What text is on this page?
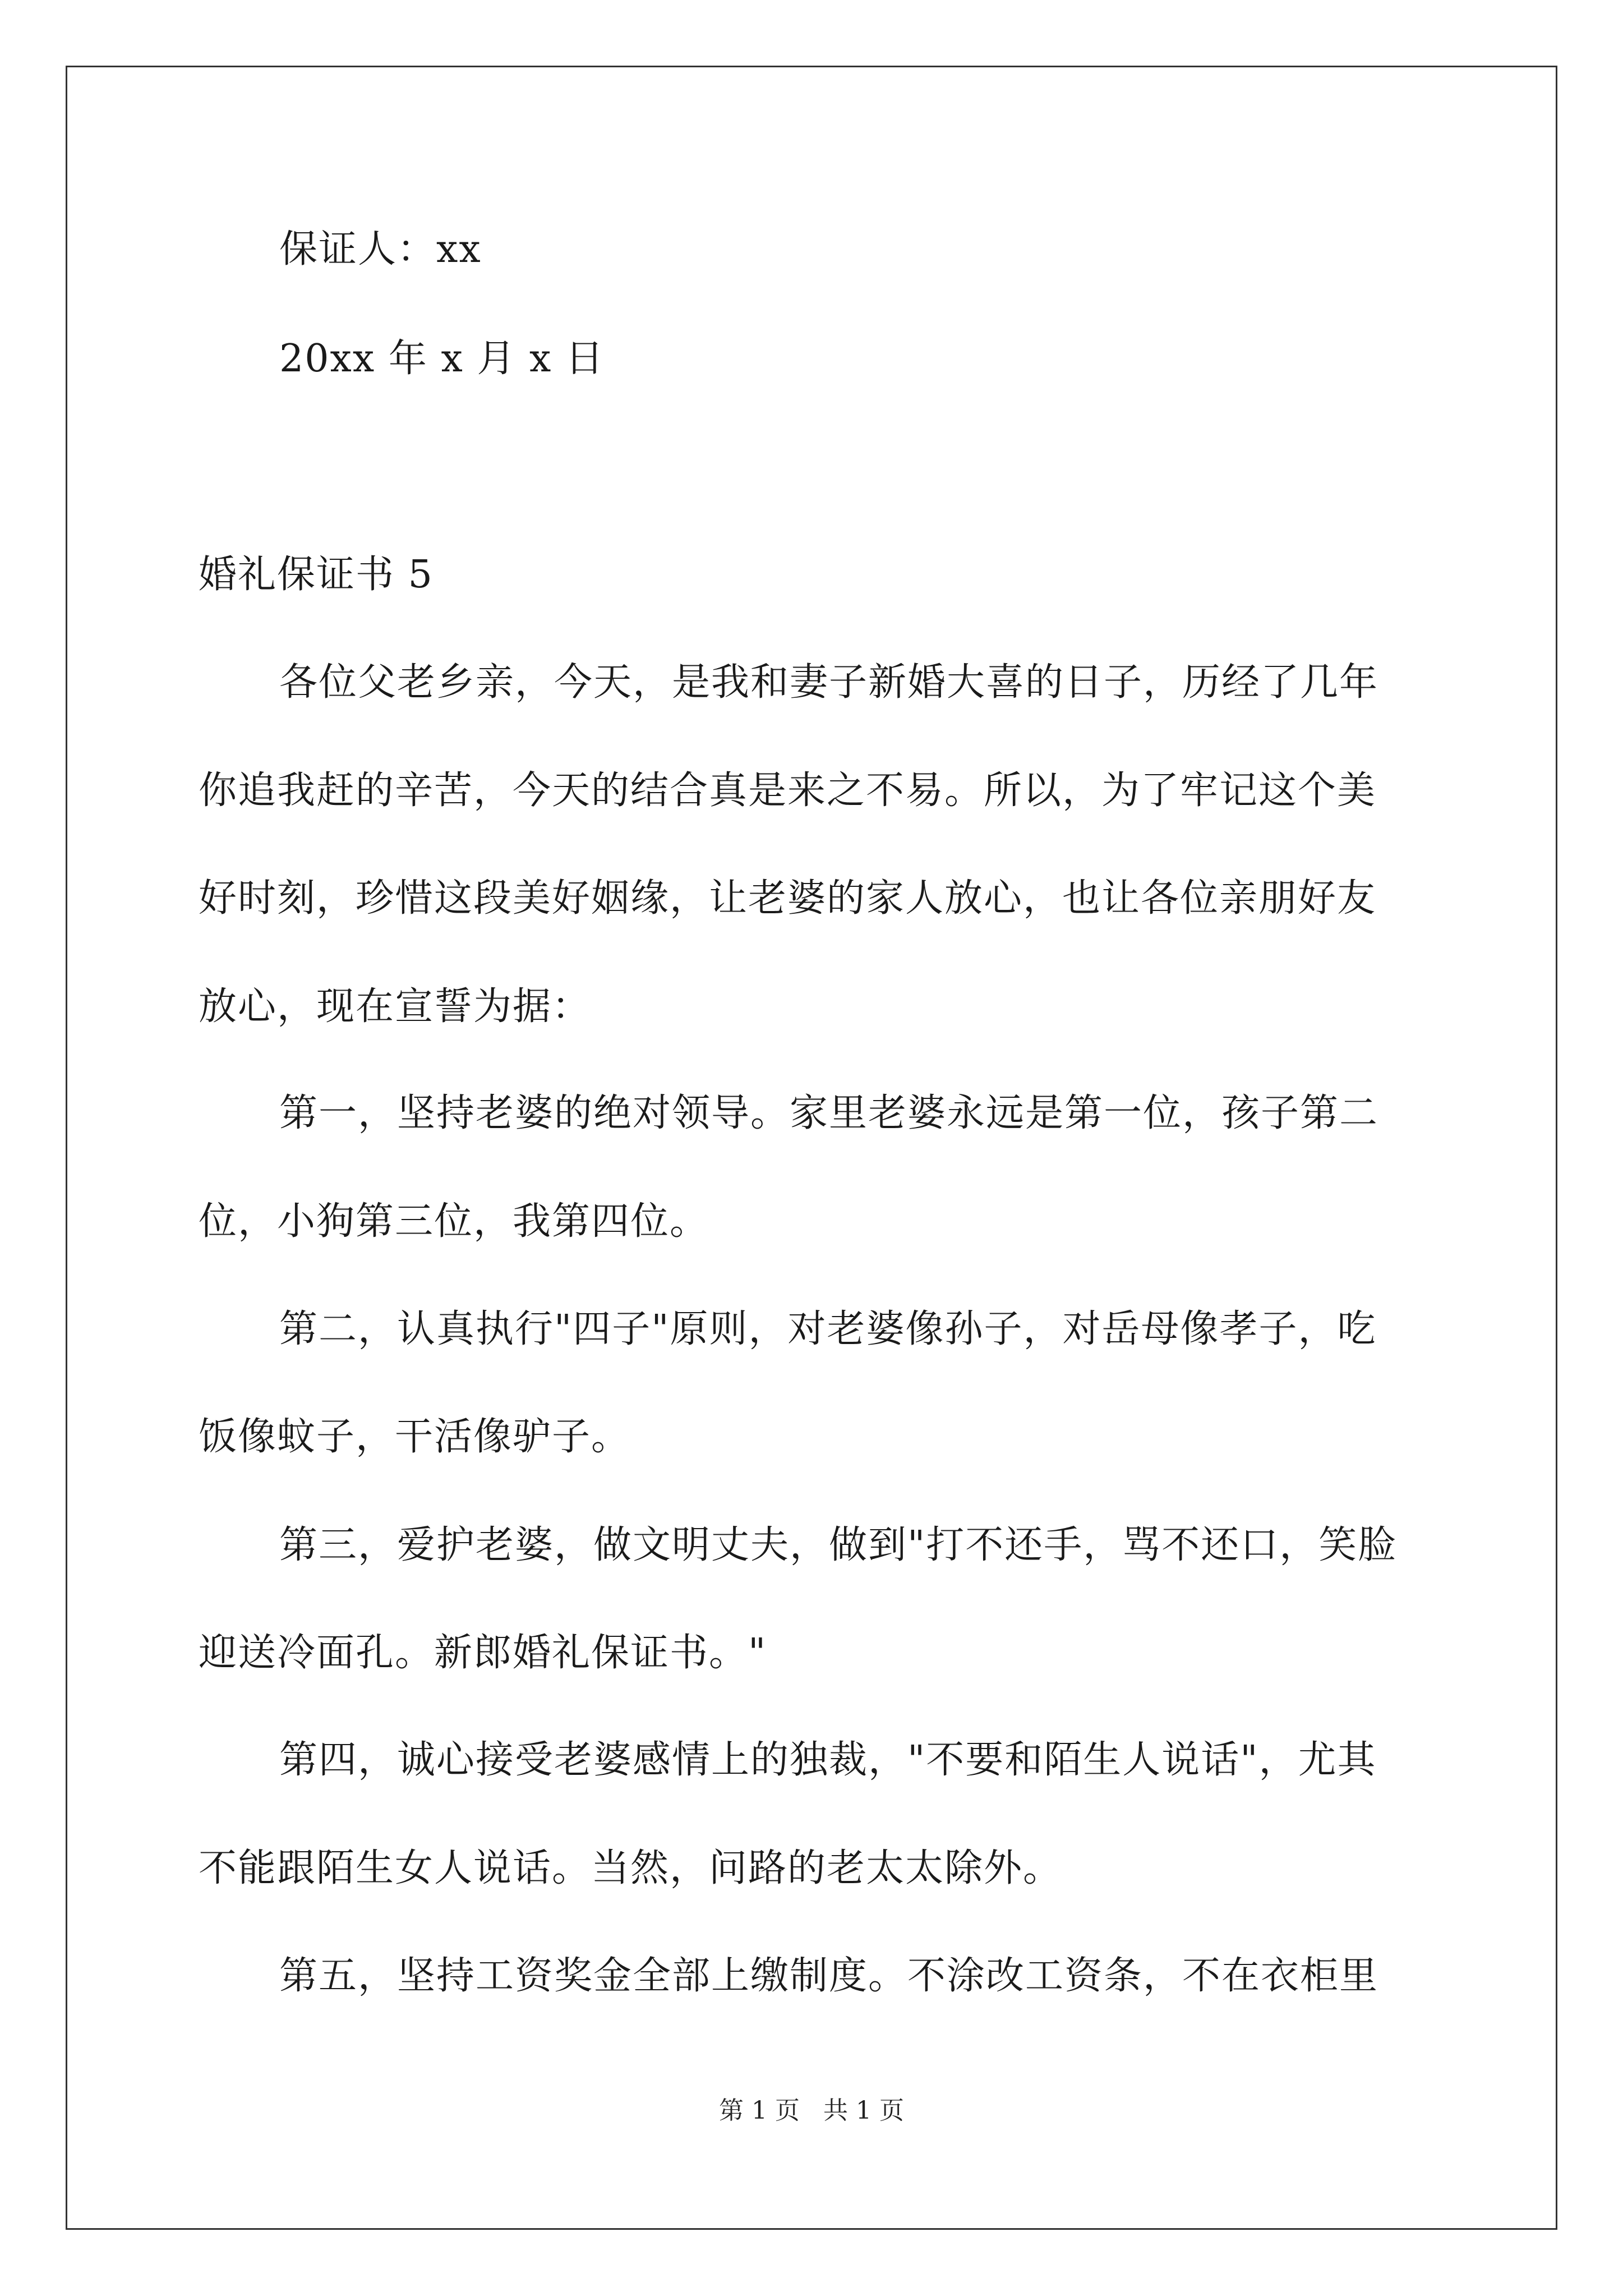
保证人：xx
20xx 年 x 月 x 日
婚礼保证书 5
各位父老乡亲，今天，是我和妻子新婚大喜的日子，历经了几年
你追我赶的辛苦，今天的结合真是来之不易。所以，为了牢记这个美
好时刻，珍惜这段美好姻缘，让老婆的家人放心，也让各位亲朋好友
放心，现在宣誓为据：
第一，坚持老婆的绝对领导。家里老婆永远是第一位，孩子第二
位，小狗第三位，我第四位。
第二，认真执行"四子"原则，对老婆像孙子，对岳母像孝子，吃
饭像蚊子，干活像驴子。
第三，爱护老婆，做文明丈夫，做到"打不还手，骂不还口，笑脸
迎送冷面孔。新郎婚礼保证书。"
第四，诚心接受老婆感情上的独裁，"不要和陌生人说话"，尤其
不能跟陌生女人说话。当然，问路的老太太除外。
第五，坚持工资奖金全部上缴制度。不涂改工资条，不在衣柜里
第 1 页 共 1 页
